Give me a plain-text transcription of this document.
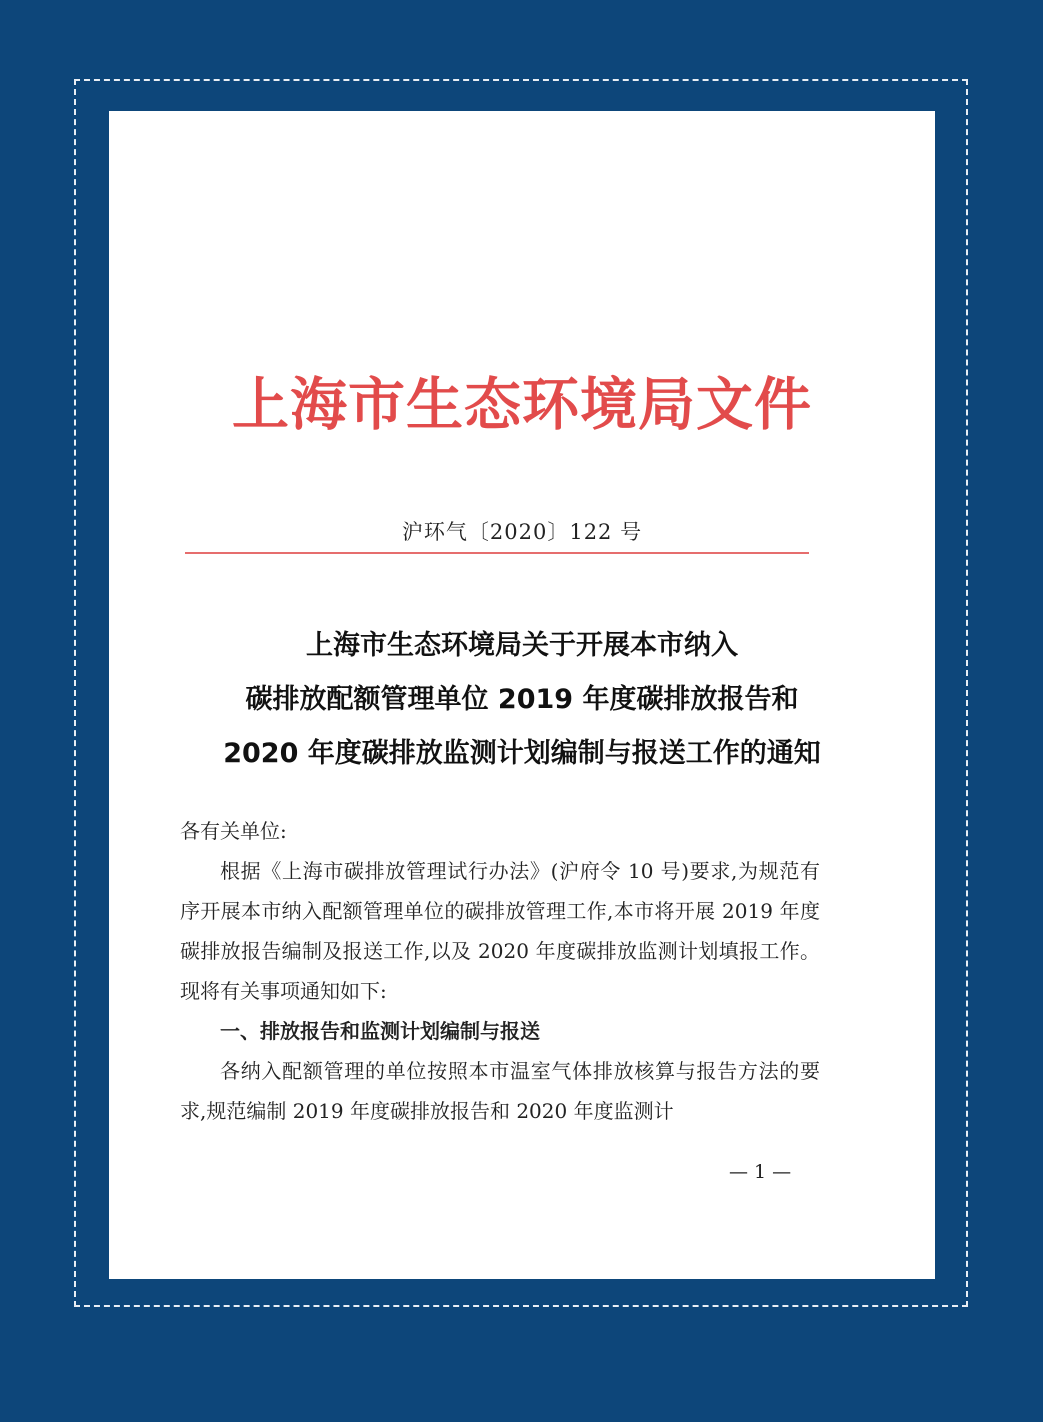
上海市生态环境局文件
沪环气〔2020〕122 号
上海市生态环境局关于开展本市纳入
碳排放配额管理单位 2019 年度碳排放报告和
2020 年度碳排放监测计划编制与报送工作的通知

各有关单位:

根据《上海市碳排放管理试行办法》(沪府令 10 号)要求,为规范有序开展本市纳入配额管理单位的碳排放管理工作,本市将开展 2019 年度碳排放报告编制及报送工作,以及 2020 年度碳排放监测计划填报工作。现将有关事项通知如下:

一、排放报告和监测计划编制与报送

各纳入配额管理的单位按照本市温室气体排放核算与报告方法的要求,规范编制 2019 年度碳排放报告和 2020 年度监测计

— 1 —
